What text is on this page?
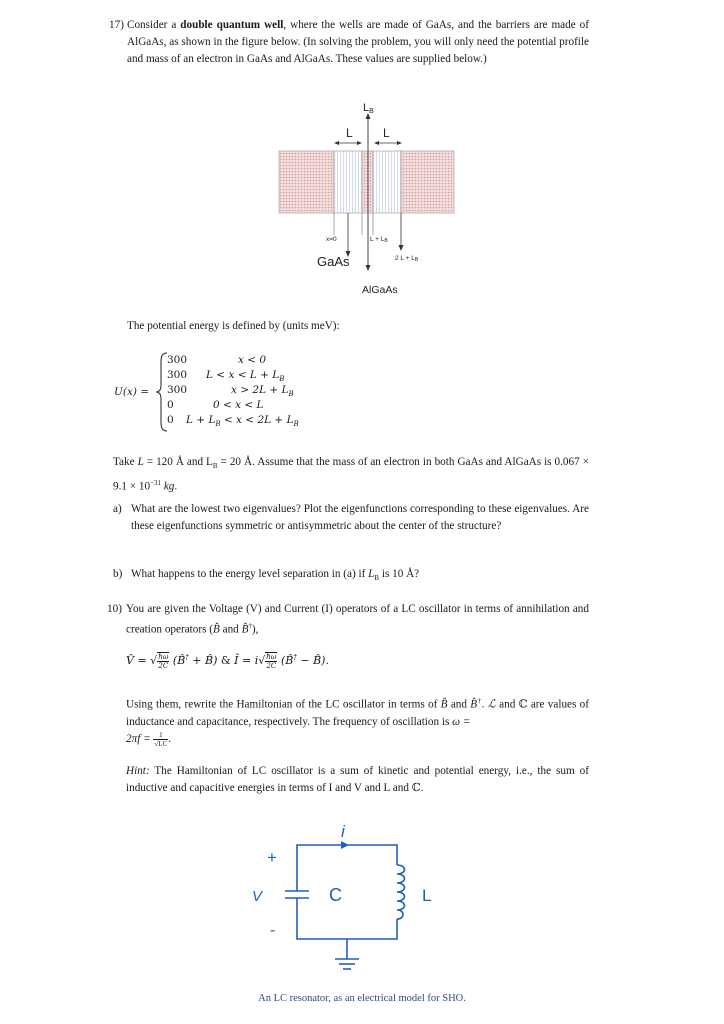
17) Consider a double quantum well, where the wells are made of GaAs, and the barriers are made of AlGaAs, as shown in the figure below. (In solving the problem, you will only need the potential profile and mass of an electron in GaAs and AlGaAs. These values are supplied below.)
LB
L	L
x=0	L + LB
2 L + LB
GaAs
AlGaAs
The potential energy is defined by (units meV):
U(x) =
300	x < 0
300 $L < x < L + L_B$
300	$x > 2L + L_B$
0	0 < x < L
0 $L + L_B < x < 2L + L_B$
Take L = 120 Å and $L_B = 20$ Å. Assume that the mass of an electron in both GaAs and AlGaAs is $0.067 \times 9.1 \times 10^{-31}$ kg.
a) What are the lowest two eigenvalues? Plot the eigenfunctions corresponding to these eigenvalues. Are these eigenfunctions symmetric or antisymmetric about the center of the structure?
b) What happens to the energy level separation in (a) if $L_B$ is 10 Å?
10) You are given the Voltage (V) and Current (I) operators of a LC oscillator in terms of annihilation and creation operators (B̂ and B̂†),
V̂ = √ $\frac{ħ\omega}{2C}$ (B̂† + B̂) & Î = $i√ \frac{ħ\omega}{2C}$ (B̂† − B̂).
Using them, rewrite the Hamiltonian of the LC oscillator in terms of B̂ and B̂†. ℒ and ℂ are values of inductance and capacitance, respectively. The frequency of oscillation is ω =
$2\pi f = \frac{1}{√LC}$ .
Hint: The Hamiltonian of LC oscillator is a sum of kinetic and potential energy, i.e., the sum of inductive and capacitive energies in terms of I and V and L and ℂ.
i
+
-
V	C	L
An LC resonator, as an electrical model for SHO.
